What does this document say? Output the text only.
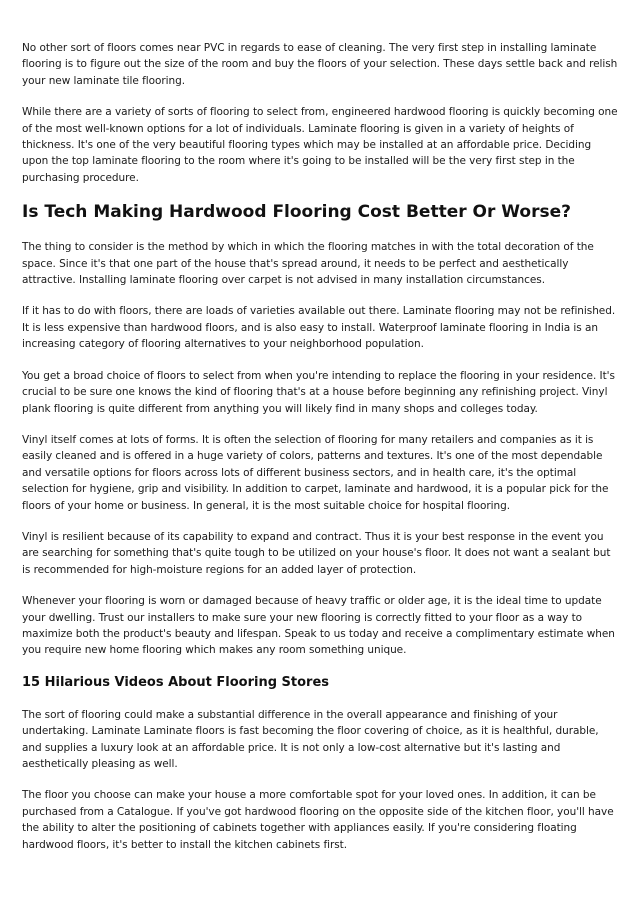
No other sort of floors comes near PVC in regards to ease of cleaning. The very first step in installing laminate flooring is to figure out the size of the room and buy the floors of your selection. These days settle back and relish your new laminate tile flooring.

While there are a variety of sorts of flooring to select from, engineered hardwood flooring is quickly becoming one of the most well-known options for a lot of individuals. Laminate flooring is given in a variety of heights of thickness. It's one of the very beautiful flooring types which may be installed at an affordable price. Deciding upon the top laminate flooring to the room where it's going to be installed will be the very first step in the purchasing procedure.

Is Tech Making Hardwood Flooring Cost Better Or Worse?

The thing to consider is the method by which in which the flooring matches in with the total decoration of the space. Since it's that one part of the house that's spread around, it needs to be perfect and aesthetically attractive. Installing laminate flooring over carpet is not advised in many installation circumstances.

If it has to do with floors, there are loads of varieties available out there. Laminate flooring may not be refinished. It is less expensive than hardwood floors, and is also easy to install. Waterproof laminate flooring in India is an increasing category of flooring alternatives to your neighborhood population.

You get a broad choice of floors to select from when you're intending to replace the flooring in your residence. It's crucial to be sure one knows the kind of flooring that's at a house before beginning any refinishing project. Vinyl plank flooring is quite different from anything you will likely find in many shops and colleges today.

Vinyl itself comes at lots of forms. It is often the selection of flooring for many retailers and companies as it is easily cleaned and is offered in a huge variety of colors, patterns and textures. It's one of the most dependable and versatile options for floors across lots of different business sectors, and in health care, it's the optimal selection for hygiene, grip and visibility. In addition to carpet, laminate and hardwood, it is a popular pick for the floors of your home or business. In general, it is the most suitable choice for hospital flooring.

Vinyl is resilient because of its capability to expand and contract. Thus it is your best response in the event you are searching for something that's quite tough to be utilized on your house's floor. It does not want a sealant but is recommended for high-moisture regions for an added layer of protection.

Whenever your flooring is worn or damaged because of heavy traffic or older age, it is the ideal time to update your dwelling. Trust our installers to make sure your new flooring is correctly fitted to your floor as a way to maximize both the product's beauty and lifespan. Speak to us today and receive a complimentary estimate when you require new home flooring which makes any room something unique.

15 Hilarious Videos About Flooring Stores

The sort of flooring could make a substantial difference in the overall appearance and finishing of your undertaking. Laminate Laminate floors is fast becoming the floor covering of choice, as it is healthful, durable, and supplies a luxury look at an affordable price. It is not only a low-cost alternative but it's lasting and aesthetically pleasing as well.

The floor you choose can make your house a more comfortable spot for your loved ones. In addition, it can be purchased from a Catalogue. If you've got hardwood flooring on the opposite side of the kitchen floor, you'll have the ability to alter the positioning of cabinets together with appliances easily. If you're considering floating hardwood floors, it's better to install the kitchen cabinets first.
